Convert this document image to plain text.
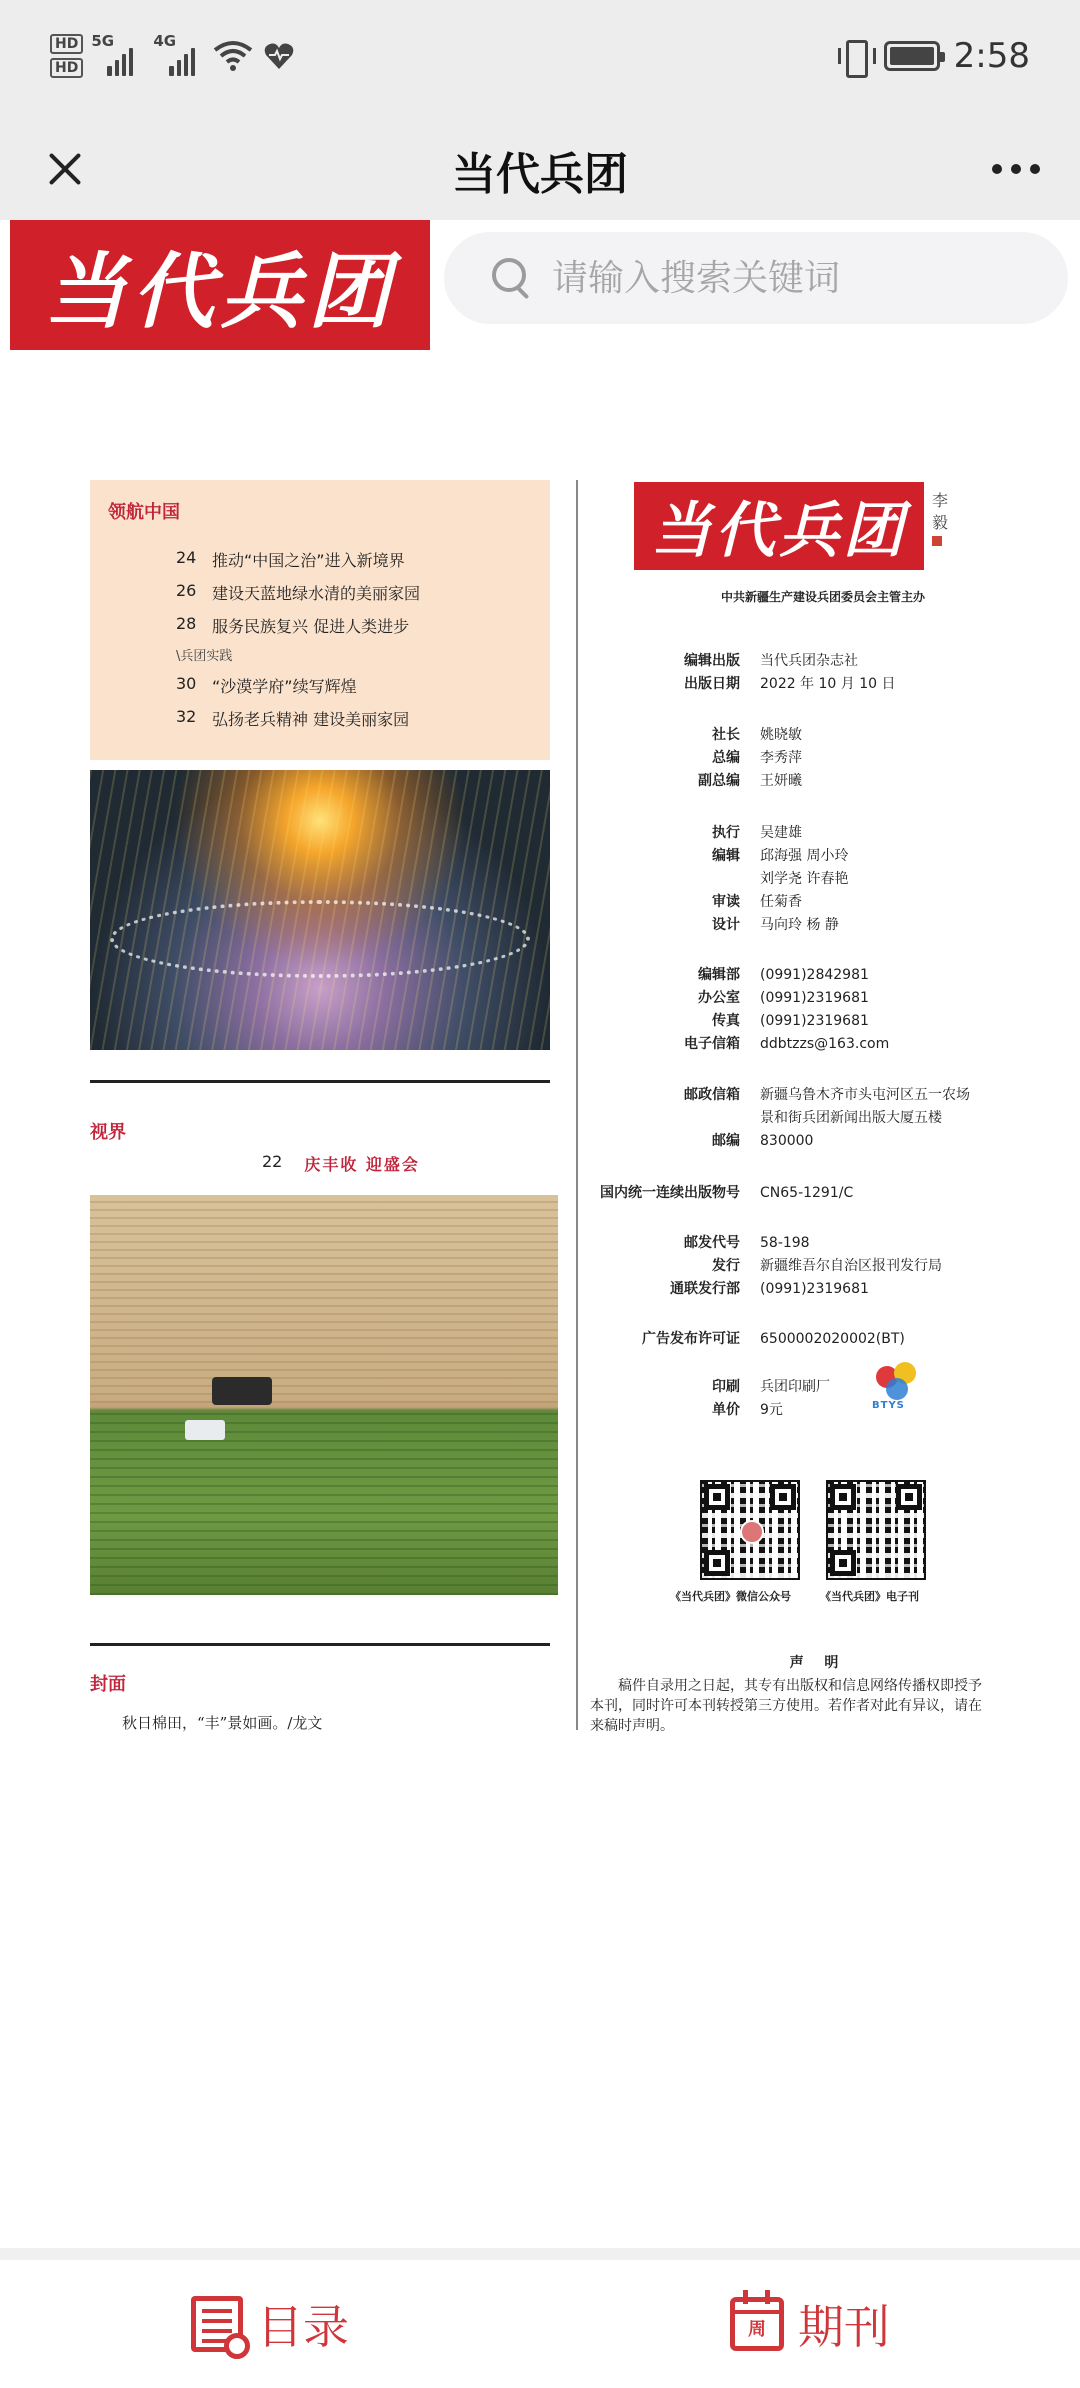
HD
HD
5G	4G	2:58
当代兵团
当代兵团
请输入搜索关键词
领航中国
24 推动“中国之治”进入新境界
26 建设天蓝地绿水清的美丽家园
28 服务民族复兴 促进人类进步
\兵团实践
30 “沙漠学府”续写辉煌
32 弘扬老兵精神 建设美丽家园
视界
22 庆丰收 迎盛会
封面
秋日棉田，“丰”景如画。/龙文
当代兵团	李毅
中共新疆生产建设兵团委员会主管主办
编辑出版	当代兵团杂志社
出版日期	2022 年 10 月 10 日
社长	姚晓敏
总编	李秀萍
副总编	王妍曦
执行	吴建雄
编辑	邱海强 周小玲
刘学尧 许春艳
审读	任菊香
设计	马向玲 杨 静
编辑部	(0991)2842981
办公室	(0991)2319681
传真	(0991)2319681
电子信箱	ddbtzzs@163.com
邮政信箱	新疆乌鲁木齐市头屯河区五一农场
景和街兵团新闻出版大厦五楼
邮编	830000
国内统一连续出版物号	CN65-1291/C
邮发代号	58-198
发行	新疆维吾尔自治区报刊发行局
通联发行部	(0991)2319681
广告发布许可证	6500002020002(BT)
印刷	兵团印刷厂
单价	9元	BTYS
《当代兵团》微信公众号	《当代兵团》电子刊
声 明
稿件自录用之日起，其专有出版权和信息网络传播权即授予本刊，同时许可本刊转授第三方使用。若作者对此有异议，请在来稿时声明。
目录	周 期刊
